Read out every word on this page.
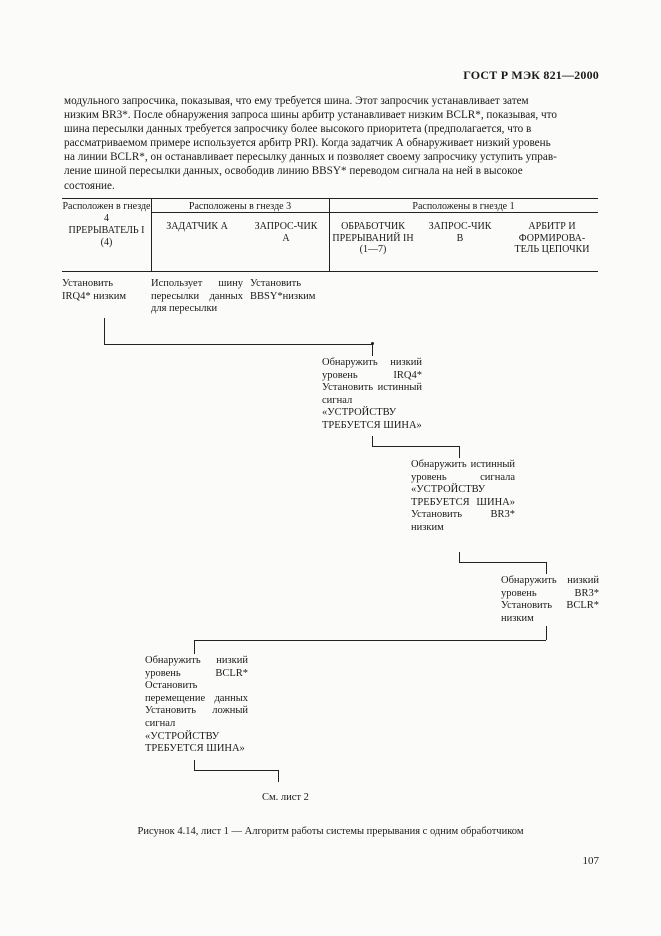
ГОСТ Р МЭК 821—2000

модульного запросчика, показывая, что ему требуется шина. Этот запросчик устанавливает затем

низким BR3*. После обнаружения запроса шины арбитр устанавливает низким BCLR*, показывая, что

шина пересылки данных требуется запросчику более высокого приоритета (предполагается, что в

рассматриваемом примере используется арбитр PRI). Когда задатчик А обнаруживает низкий уровень

на линии BCLR*, он останавливает пересылку данных и позволяет своему запросчику уступить управ-

ление шиной пересылки данных, освободив линию BBSY* переводом сигнала на ней в высокое

состояние.

Расположен в гнезде 4
ПРЕРЫВАТЕЛЬ I (4)
Расположены в гнезде 3
ЗАДАТЧИК А	ЗАПРОС-ЧИК А
Расположены в гнезде 1
ОБРАБОТЧИК ПРЕРЫВАНИЙ IH (1—7)
ЗАПРОС-ЧИК В
АРБИТР И ФОРМИРОВА-ТЕЛЬ ЦЕПОЧКИ
Установить IRQ4* низким
Использует шину пересылки данных для пересылки
Установить BBSY*низким
Обнаружить низкий уровень IRQ4* Установить истинный сигнал «УСТРОЙСТВУ ТРЕБУЕТСЯ ШИНА»
Обнаружить истинный уровень сигнала «УСТРОЙСТВУ ТРЕБУЕТСЯ ШИНА» Установить BR3* низким
Обнаружить низкий уровень BR3* Установить BCLR* низким
Обнаружить низкий уровень BCLR* Остановить перемещение данных Установить ложный сигнал «УСТРОЙСТВУ ТРЕБУЕТСЯ ШИНА»
См. лист 2
Рисунок 4.14, лист 1 — Алгоритм работы системы прерывания с одним обработчиком
107
